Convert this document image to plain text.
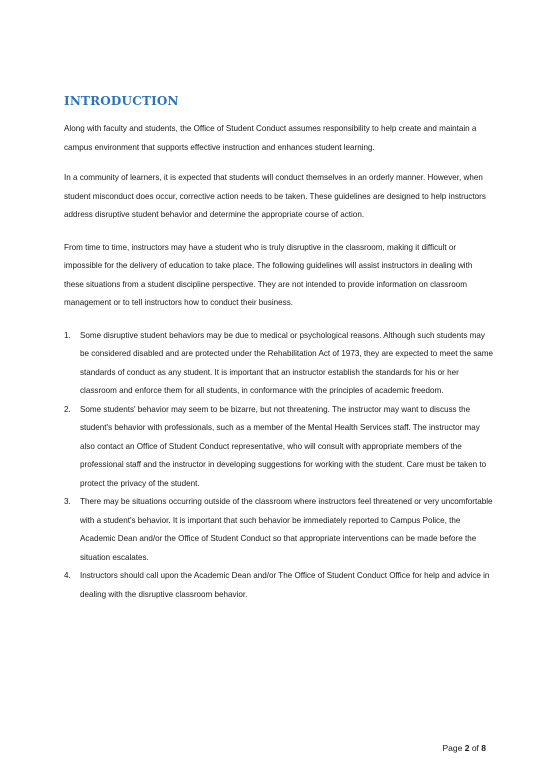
INTRODUCTION

Along with faculty and students, the Office of Student Conduct assumes responsibility to help create and maintain a campus environment that supports effective instruction and enhances student learning.

In a community of learners, it is expected that students will conduct themselves in an orderly manner. However, when student misconduct does occur, corrective action needs to be taken. These guidelines are designed to help instructors address disruptive student behavior and determine the appropriate course of action.

From time to time, instructors may have a student who is truly disruptive in the classroom, making it difficult or impossible for the delivery of education to take place. The following guidelines will assist instructors in dealing with these situations from a student discipline perspective. They are not intended to provide information on classroom management or to tell instructors how to conduct their business.

1.	Some disruptive student behaviors may be due to medical or psychological reasons. Although such students may be considered disabled and are protected under the Rehabilitation Act of 1973, they are expected to meet the same standards of conduct as any student. It is important that an instructor establish the standards for his or her classroom and enforce them for all students, in conformance with the principles of academic freedom.
2.	Some students' behavior may seem to be bizarre, but not threatening. The instructor may want to discuss the student's behavior with professionals, such as a member of the Mental Health Services staff. The instructor may also contact an Office of Student Conduct representative, who will consult with appropriate members of the professional staff and the instructor in developing suggestions for working with the student. Care must be taken to protect the privacy of the student.
3.	There may be situations occurring outside of the classroom where instructors feel threatened or very uncomfortable with a student's behavior. It is important that such behavior be immediately reported to Campus Police, the Academic Dean and/or the Office of Student Conduct so that appropriate interventions can be made before the situation escalates.
4.	Instructors should call upon the Academic Dean and/or The Office of Student Conduct Office for help and advice in dealing with the disruptive classroom behavior.
Page 2 of 8
